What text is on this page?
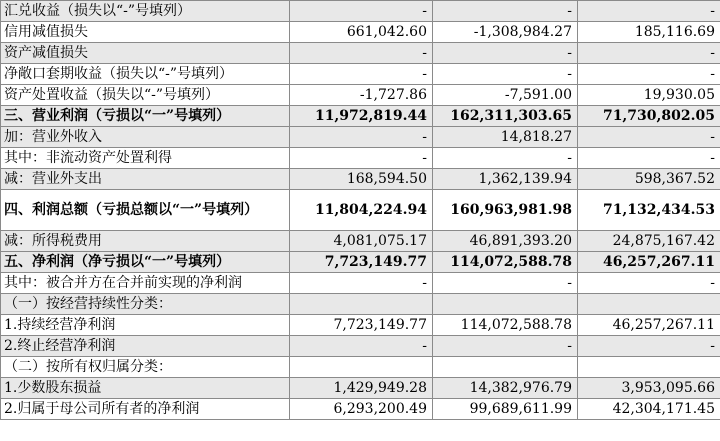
汇兑收益（损失以“-”号填列）	-	-	-
信用减值损失	661,042.60	-1,308,984.27	185,116.69
资产减值损失	-	-	-
净敞口套期收益（损失以“-”号填列）	-	-	-
资产处置收益（损失以“-”号填列）	-1,727.86	-7,591.00	19,930.05
三、营业利润（亏损以“一”号填列）	11,972,819.44	162,311,303.65	71,730,802.05
加：营业外收入	-	14,818.27	-
其中：非流动资产处置利得	-	-	-
减：营业外支出	168,594.50	1,362,139.94	598,367.52
四、利润总额（亏损总额以“一”号填列）	11,804,224.94	160,963,981.98	71,132,434.53
减：所得税费用	4,081,075.17	46,891,393.20	24,875,167.42
五、净利润（净亏损以“一”号填列）	7,723,149.77	114,072,588.78	46,257,267.11
其中：被合并方在合并前实现的净利润	-	-	-
（一）按经营持续性分类：			
1.持续经营净利润	7,723,149.77	114,072,588.78	46,257,267.11
2.终止经营净利润	-	-	-
（二）按所有权归属分类：			
1.少数股东损益	1,429,949.28	14,382,976.79	3,953,095.66
2.归属于母公司所有者的净利润	6,293,200.49	99,689,611.99	42,304,171.45
